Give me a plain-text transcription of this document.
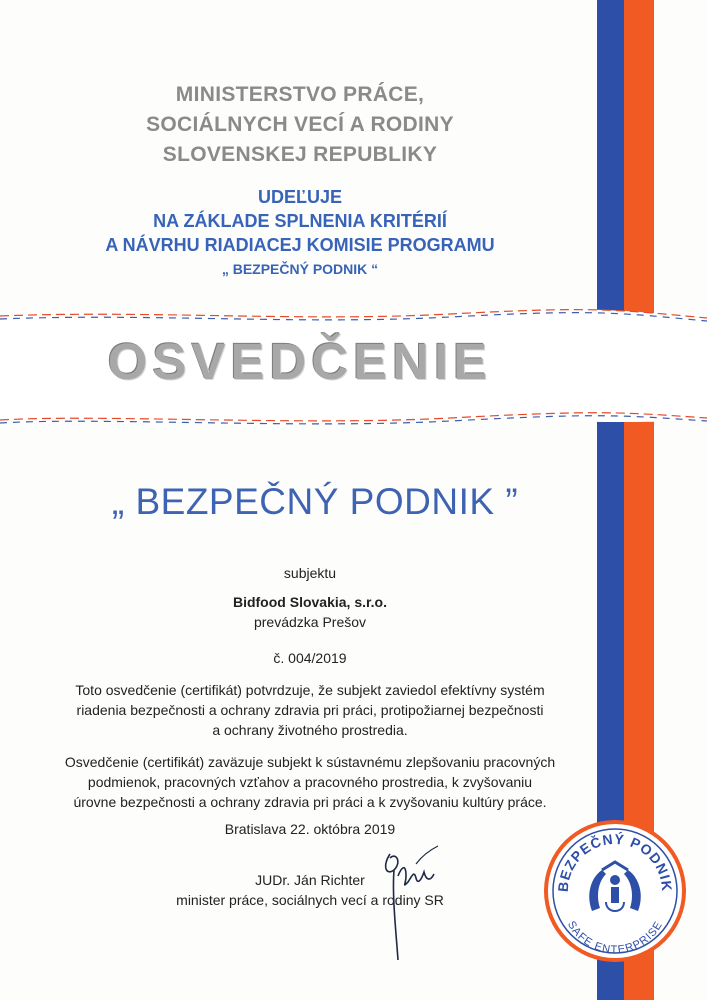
MINISTERSTVO PRÁCE,
SOCIÁLNYCH VECÍ A RODINY
SLOVENSKEJ REPUBLIKY
UDEĽUJE
NA ZÁKLADE SPLNENIA KRITÉRIÍ
A NÁVRHU RIADIACEJ KOMISIE PROGRAMU
„ BEZPEČNÝ PODNIK “
OSVEDČENIE
„ BEZPEČNÝ PODNIK ”
subjektu
Bidfood Slovakia, s.r.o.
prevádzka Prešov
č. 004/2019
Toto osvedčenie (certifikát) potvrdzuje, že subjekt zaviedol efektívny systém
riadenia bezpečnosti a ochrany zdravia pri práci, protipožiarnej bezpečnosti
a ochrany životného prostredia.
Osvedčenie (certifikát) zaväzuje subjekt k sústavnému zlepšovaniu pracovných
podmienok, pracovných vzťahov a pracovného prostredia, k zvyšovaniu
úrovne bezpečnosti a ochrany zdravia pri práci a k zvyšovaniu kultúry práce.
Bratislava 22. októbra 2019
JUDr. Ján Richter
minister práce, sociálnych vecí a rodiny SR
BEZPEČNÝ PODNIK
SAFE ENTERPRISE
